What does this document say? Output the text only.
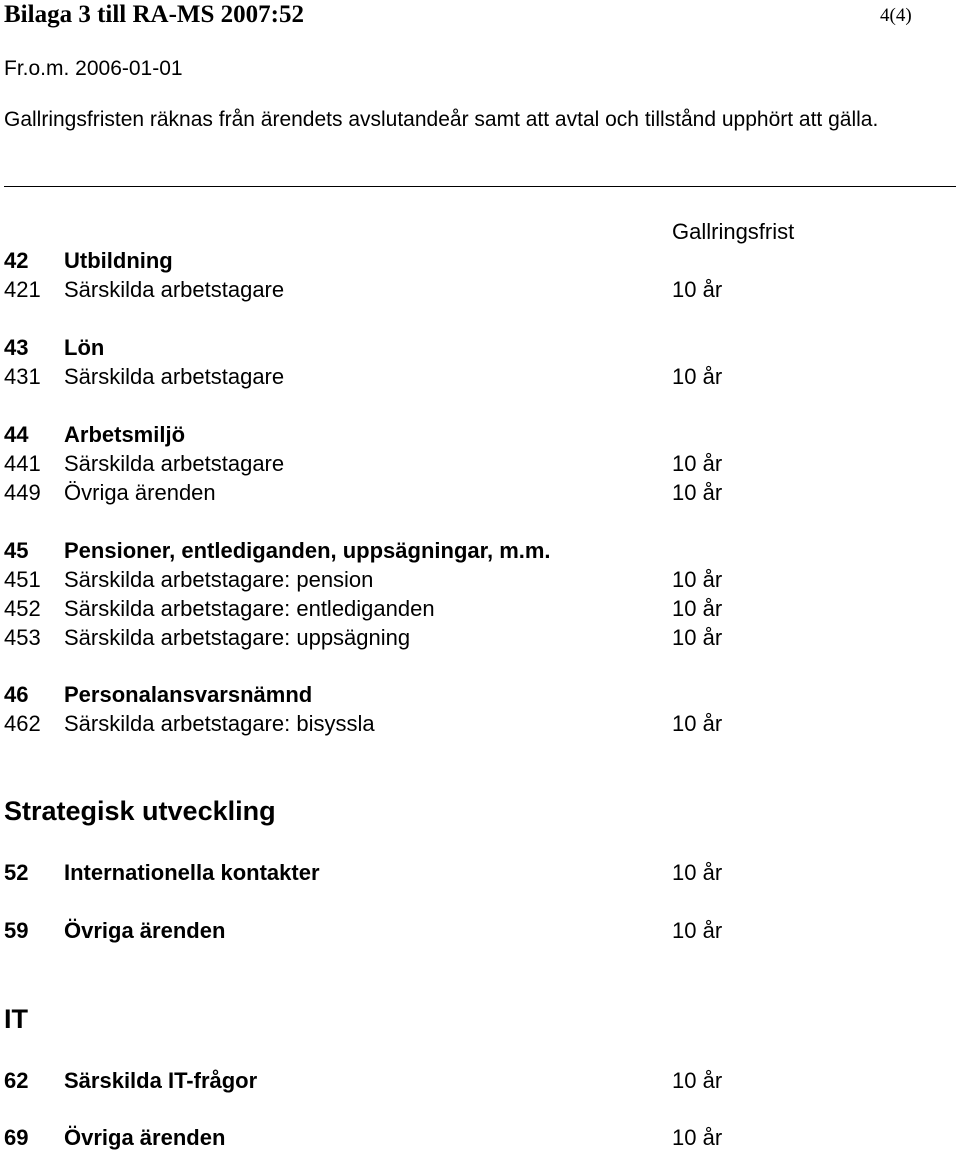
Bilaga 3 till RA-MS 2007:52	4(4)
Fr.o.m. 2006-01-01
Gallringsfristen räknas från ärendets avslutandeår samt att avtal och tillstånd upphört att gälla.
Gallringsfrist
42 Utbildning
421 Särskilda arbetstagare	10 år
43 Lön
431 Särskilda arbetstagare	10 år
44 Arbetsmiljö
441 Särskilda arbetstagare	10 år
449 Övriga ärenden	10 år
45 Pensioner, entlediganden, uppsägningar, m.m.
451 Särskilda arbetstagare: pension	10 år
452 Särskilda arbetstagare: entlediganden	10 år
453 Särskilda arbetstagare: uppsägning	10 år
46 Personalansvarsnämnd
462 Särskilda arbetstagare: bisyssla	10 år
Strategisk utveckling
52 Internationella kontakter	10 år
59 Övriga ärenden	10 år
IT
62 Särskilda IT-frågor	10 år
69 Övriga ärenden	10 år
